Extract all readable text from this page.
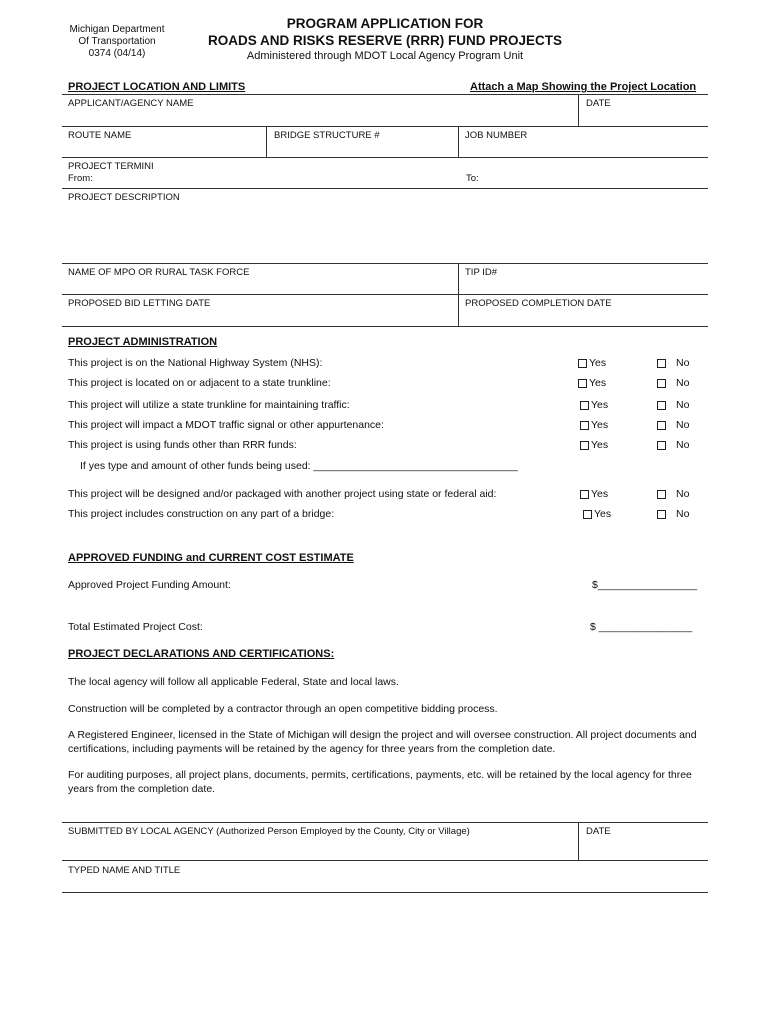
Michigan Department
Of Transportation
0374 (04/14)
PROGRAM APPLICATION FOR
ROADS AND RISKS RESERVE (RRR) FUND PROJECTS
Administered through MDOT Local Agency Program Unit
PROJECT LOCATION AND LIMITS	Attach a Map Showing the Project Location
APPLICANT/AGENCY NAME	DATE
ROUTE NAME	BRIDGE STRUCTURE #	JOB NUMBER
PROJECT TERMINI
From:	To:
PROJECT DESCRIPTION
NAME OF MPO OR RURAL TASK FORCE	TIP ID#
PROPOSED BID LETTING DATE	PROPOSED COMPLETION DATE
PROJECT ADMINISTRATION
This project is on the National Highway System (NHS):	Yes	No
This project is located on or adjacent to a state trunkline:	Yes	No
This project will utilize a state trunkline for maintaining traffic:	Yes	No
This project will impact a MDOT traffic signal or other appurtenance:	Yes	No
This project is using funds other than RRR funds:	Yes	No
If yes type and amount of other funds being used: ___________________________________
This project will be designed and/or packaged with another project using state or federal aid:	Yes	No
This project includes construction on any part of a bridge:	Yes	No
APPROVED FUNDING and CURRENT COST ESTIMATE
Approved Project Funding Amount:	$_________________
Total Estimated Project Cost:	$ ________________
PROJECT DECLARATIONS AND CERTIFICATIONS:
The local agency will follow all applicable Federal, State and local laws.
Construction will be completed by a contractor through an open competitive bidding process.
A Registered Engineer, licensed in the State of Michigan will design the project and will oversee construction. All project documents and certifications, including payments will be retained by the agency for three years from the completion date.
For auditing purposes, all project plans, documents, permits, certifications, payments, etc. will be retained by the local agency for three years from the completion date.
SUBMITTED BY LOCAL AGENCY (Authorized Person Employed by the County, City or Village)	DATE
TYPED NAME AND TITLE
